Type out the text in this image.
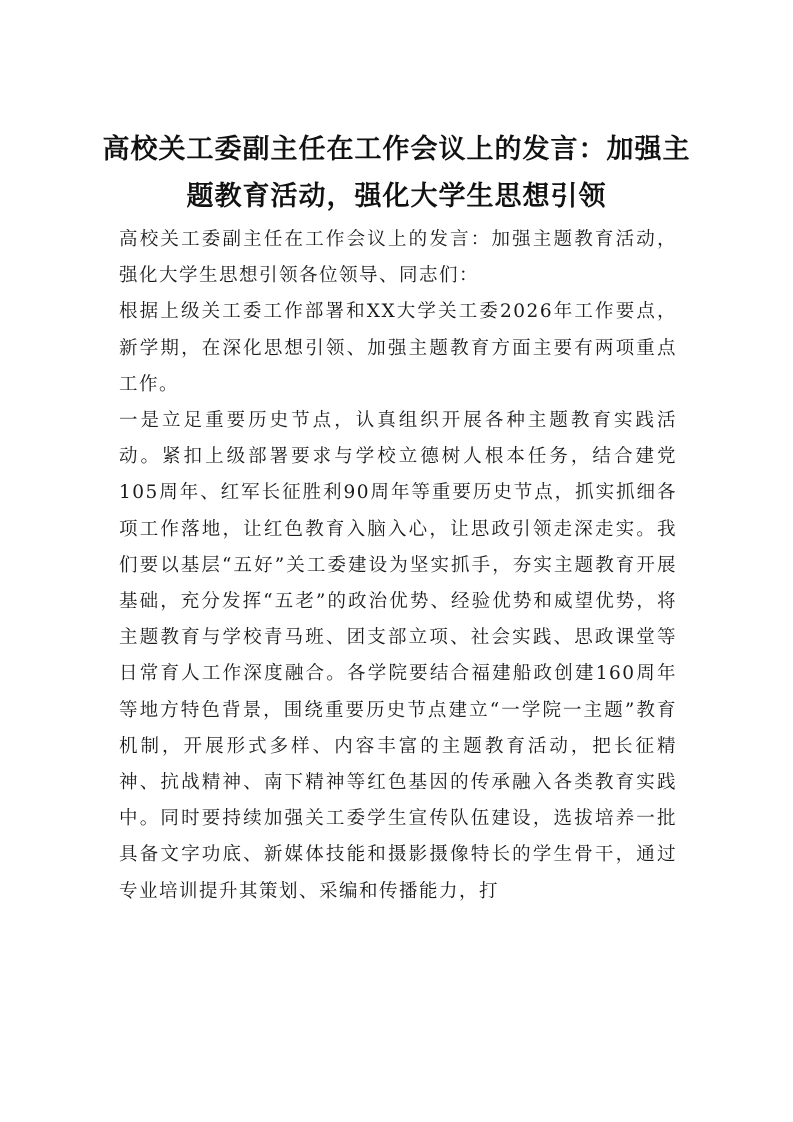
高校关工委副主任在工作会议上的发言：加强主题教育活动，强化大学生思想引领

高校关工委副主任在工作会议上的发言：加强主题教育活动，强化大学生思想引领各位领导、同志们：

根据上级关工委工作部署和XX大学关工委2026年工作要点，新学期，在深化思想引领、加强主题教育方面主要有两项重点工作。

一是立足重要历史节点，认真组织开展各种主题教育实践活动。紧扣上级部署要求与学校立德树人根本任务，结合建党105周年、红军长征胜利90周年等重要历史节点，抓实抓细各项工作落地，让红色教育入脑入心，让思政引领走深走实。我们要以基层“五好”关工委建设为坚实抓手，夯实主题教育开展基础，充分发挥“五老”的政治优势、经验优势和威望优势，将主题教育与学校青马班、团支部立项、社会实践、思政课堂等日常育人工作深度融合。各学院要结合福建船政创建160周年等地方特色背景，围绕重要历史节点建立“一学院一主题”教育机制，开展形式多样、内容丰富的主题教育活动，把长征精神、抗战精神、南下精神等红色基因的传承融入各类教育实践中。同时要持续加强关工委学生宣传队伍建设，选拔培养一批具备文字功底、新媒体技能和摄影摄像特长的学生骨干，通过专业培训提升其策划、采编和传播能力，打
